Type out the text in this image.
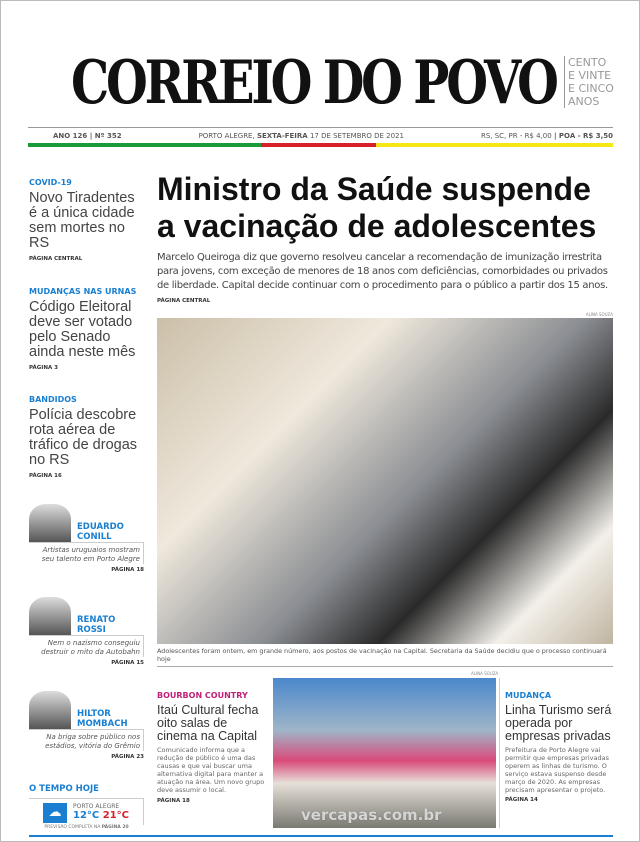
CORREIO DO POVO CENTO
E VINTE
E CINCO
ANOS
ANO 126 | Nº 352	PORTO ALEGRE, SEXTA-FEIRA 17 DE SETEMBRO DE 2021	RS, SC, PR - R$ 4,00 | POA - R$ 3,50
COVID-19
Novo Tiradentes é a única cidade sem mortes no RS
PÁGINA CENTRAL
MUDANÇAS NAS URNAS
Código Eleitoral deve ser votado pelo Senado ainda neste mês
PÁGINA 3
BANDIDOS
Polícia descobre rota aérea de tráfico de drogas no RS
PÁGINA 16
EDUARDO CONILL
Artistas uruguaios mostram seu talento em Porto Alegre
PÁGINA 18
RENATO ROSSI
Nem o nazismo conseguiu destruir o mito da Autobahn
PÁGINA 15
HILTOR MOMBACH
Na briga sobre público nos estádios, vitória do Grêmio
PÁGINA 23
O TEMPO HOJE
☁	PORTO ALEGRE
12°C 21°C
PREVISÃO COMPLETA NA PÁGINA 20
Ministro da Saúde suspende a vacinação de adolescentes
Marcelo Queiroga diz que governo resolveu cancelar a recomendação de imunização irrestrita para jovens, com exceção de menores de 18 anos com deficiências, comorbidades ou privados de liberdade. Capital decide continuar com o procedimento para o público a partir dos 15 anos.
PÁGINA CENTRAL
ALINA SOUZA
Adolescentes foram ontem, em grande número, aos postos de vacinação na Capital. Secretaria da Saúde decidiu que o processo continuará hoje
BOURBON COUNTRY
Itaú Cultural fecha oito salas de cinema na Capital
Comunicado informa que a redução de público é uma das causas e que vai buscar uma alternativa digital para manter a atuação na área. Um novo grupo deve assumir o local.
PÁGINA 18
ALINA SOUZA
MUDANÇA
Linha Turismo será operada por empresas privadas
Prefeitura de Porto Alegre vai permitir que empresas privadas operem as linhas de turismo. O serviço estava suspenso desde março de 2020. As empresas precisam apresentar o projeto.
PÁGINA 14
vercapas.com.br
